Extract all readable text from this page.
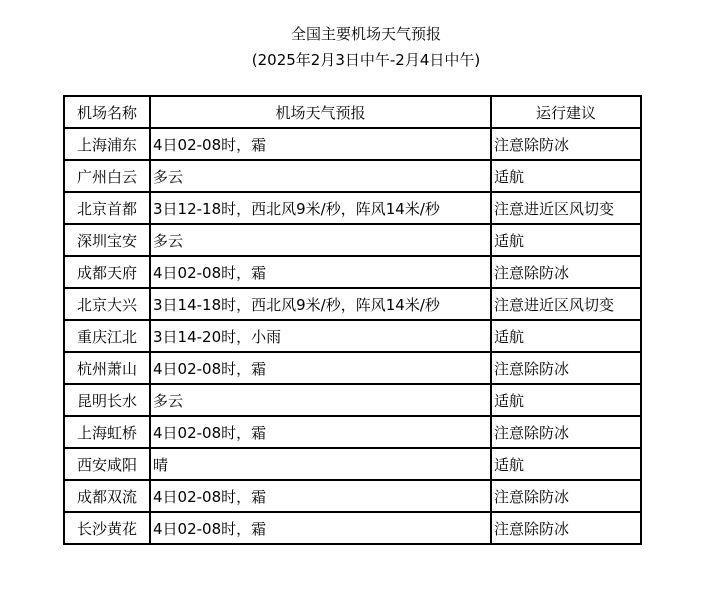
全国主要机场天气预报
(2025年2月3日中午-2月4日中午)
机场名称	机场天气预报	运行建议
上海浦东	4日02-08时，霜	注意除防冰
广州白云	多云	适航
北京首都	3日12-18时，西北风9米/秒，阵风14米/秒	注意进近区风切变
深圳宝安	多云	适航
成都天府	4日02-08时，霜	注意除防冰
北京大兴	3日14-18时，西北风9米/秒，阵风14米/秒	注意进近区风切变
重庆江北	3日14-20时，小雨	适航
杭州萧山	4日02-08时，霜	注意除防冰
昆明长水	多云	适航
上海虹桥	4日02-08时，霜	注意除防冰
西安咸阳	晴	适航
成都双流	4日02-08时，霜	注意除防冰
长沙黄花	4日02-08时，霜	注意除防冰
